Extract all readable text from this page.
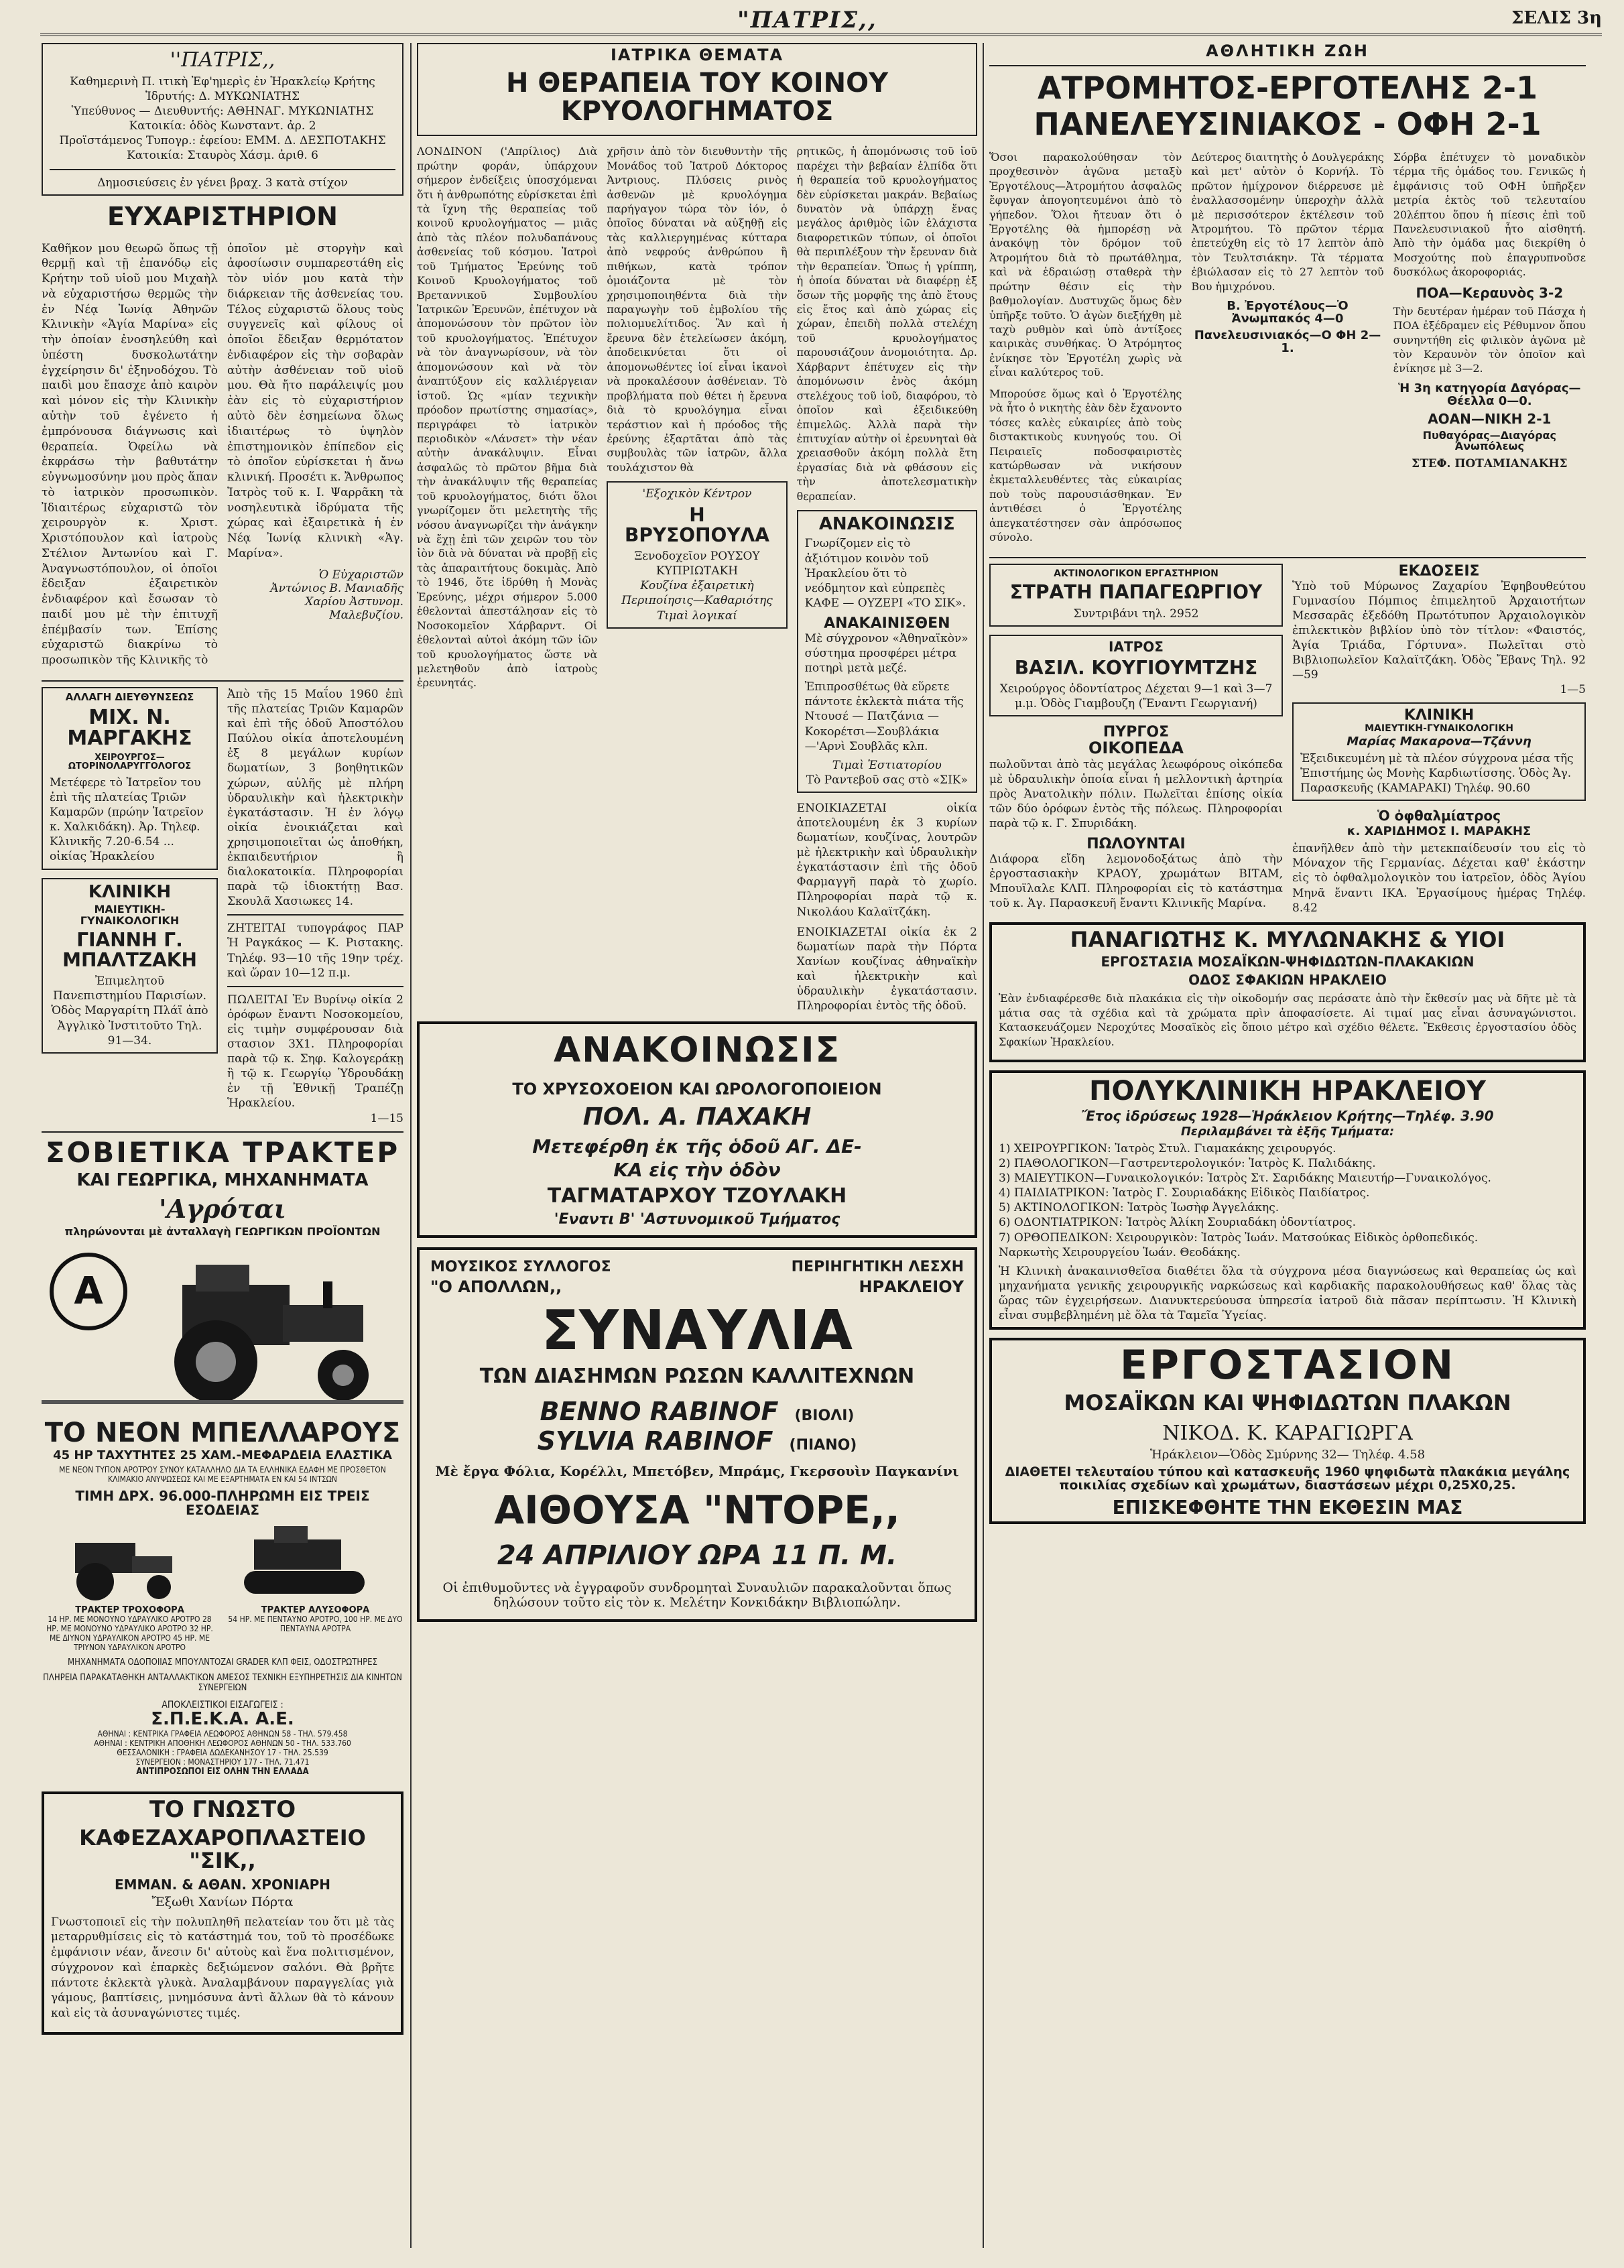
"ΠΑΤΡΙΣ,,	ΣΕΛΙΣ 3η
''ΠΑΤΡΙΣ,,
Καθημερινὴ Π. ιτικὴ Ἐφ'ημερὶς ἐν Ἡρακλείῳ Κρήτης
Ἱδρυτής: Δ. ΜΥΚΩΝΙΑΤΗΣ
Ὑπεύθυνος — Διευθυντής: ΑΘΗΝΑΓ. ΜΥΚΩΝΙΑΤΗΣ
Κατοικία: ὁδὸς Κωνσταντ. ἀρ. 2
Προϊστάμενος Τυπογρ.: ἐφείου: ΕΜΜ. Δ. ΔΕΣΠΟΤΑΚΗΣ
Κατοικία: Σταυρὸς Χάσμ. ἀριθ. 6
Δημοσιεύσεις ἐν γένει βραχ. 3 κατὰ στίχον
ΕΥΧΑΡΙΣΤΗΡΙΟΝ

Καθῆκον μου θεωρῶ ὅπως τῇ θερμῇ καὶ τῇ ἐπανόδῳ εἰς Κρήτην τοῦ υἱοῦ μου Μιχαὴλ νὰ εὐχαριστήσω θερμῶς τὴν ἐν Νέᾳ Ἰωνίᾳ Ἀθηνῶν Κλινικὴν «Ἁγία Μαρίνα» εἰς τὴν ὁποίαν ἐνοσηλεύθη καὶ ὑπέστη δυσκολωτάτην ἐγχείρησιν δι' ἐξηνοδόχου. Τὸ παιδὶ μου ἔπασχε ἀπὸ καιρὸν καὶ μόνον εἰς τὴν Κλινικὴν αὐτὴν τοῦ ἐγένετο ἡ ἐμπρόνουσα διάγνωσις καὶ θεραπεία. Ὀφείλω νὰ ἐκφράσω τὴν βαθυτάτην εὐγνωμοσύνην μου πρὸς ἅπαν τὸ ἰατρικὸν προσωπικὸν. Ἰδιαιτέρως εὐχαριστῶ τὸν χειρουργὸν κ. Χριστ. Χριστόπουλον καὶ ἰατροὺς Στέλιον Ἀντωνίου καὶ Γ. Ἀναγνωστόπουλον, οἱ ὁποῖοι ἔδειξαν ἐξαιρετικὸν ἐνδιαφέρον καὶ ἔσωσαν τὸ παιδί μου μὲ τὴν ἐπιτυχῆ ἐπέμβασίν των. Ἐπίσης εὐχαριστῶ διακρίνω τὸ προσωπικὸν τῆς Κλινικῆς τὸ

ὁποῖον μὲ στοργὴν καὶ ἀφοσίωσιν συμπαρεστάθη εἰς τὸν υἱόν μου κατὰ τὴν διάρκειαν τῆς ἀσθενείας του. Τέλος εὐχαριστῶ ὅλους τοὺς συγγενεῖς καὶ φίλους οἱ ὁποῖοι ἔδειξαν θερμότατον ἐνδιαφέρον εἰς τὴν σοβαρὰν αὐτὴν ἀσθένειαν τοῦ υἱοῦ μου. Θὰ ἤτο παράλειψίς μου ἐὰν εἰς τὸ εὐχαριστήριον αὐτὸ δὲν ἐσημείωνα ὅλως ἰδιαιτέρως τὸ ὑψηλὸν ἐπιστημονικὸν ἐπίπεδον εἰς τὸ ὁποῖον εὑρίσκεται ἡ ἄνω κλινική. Προσέτι κ. Ἄνθρωπος Ἰατρὸς τοῦ κ. Ι. Ψαρρᾶκη τὰ νοσηλευτικὰ ἰδρύματα τῆς χώρας καὶ ἐξαιρετικὰ ἡ ἐν Νέᾳ Ἰωνίᾳ κλινικὴ «Ἁγ. Μαρίνα».

Ὁ Εὐχαριστῶν
Ἀντώνιος Β. Μανιαδῆς Χαρίου Ἀστυνομ. Μαλεβυζίου.
ΑΛΛΑΓΗ ΔΙΕΥΘΥΝΣΕΩΣ
ΜΙΧ. Ν. ΜΑΡΓΑΚΗΣ
ΧΕΙΡΟΥΡΓΟΣ—ΩΤΟΡΙΝΟΛΑΡΥΓΓΟΛΟΓΟΣ

Μετέφερε τὸ Ἰατρεῖον του ἐπὶ τῆς πλατείας Τριῶν Καμαρῶν (πρώην Ἰατρεῖον κ. Χαλκιδάκη). Ἀρ. Τηλεφ. Κλινικῆς 7.20-6.54 ... οἰκίας Ἡρακλείου

ΚΛΙΝΙΚΗ
ΜΑΙΕΥΤΙΚΗ-ΓΥΝΑΙΚΟΛΟΓΙΚΗ
ΓΙΑΝΝΗ Γ. ΜΠΑΛΤΖΑΚΗ

Ἐπιμελητοῦ Πανεπιστημίου Παρισίων. Ὁδὸς Μαργαρίτη Πλάϊ ἀπὸ Ἀγγλικὸ Ἰνστιτοῦτο Τηλ. 91—34.

Ἀπὸ τῆς 15 Μαΐου 1960 ἐπὶ τῆς πλατείας Τριῶν Καμαρῶν καὶ ἐπὶ τῆς ὁδοῦ Ἀποστόλου Παύλου οἰκία ἀποτελουμένη ἐξ 8 μεγάλων κυρίων δωματίων, 3 βοηθητικῶν χώρων, αὐλῆς μὲ πλήρη ὑδραυλικὴν καὶ ἠλεκτρικὴν ἐγκατάστασιν. Ἡ ἐν λόγῳ οἰκία ἐνοικιάζεται καὶ χρησιμοποιεῖται ὡς ἀποθήκη, ἐκπαιδευτήριον ἢ διαλοκατοικία. Πληροφορίαι παρὰ τῷ ἰδιοκτήτῃ Βασ. Σκουλᾶ Χασιωκες 14.

ΖΗΤΕΙΤΑΙ τυπογράφος ΠΑΡ Ἡ Ραγκάκος — Κ. Ριστακης. Τηλέφ. 93—10 τῆς 19ην τρέχ. καὶ ὥραν 10—12 π.μ.

ΠΩΛΕΙΤΑΙ Ἐν Βυρίνῳ οἰκία 2 ὀρόφων ἔναντι Νοσοκομείου, εἰς τιμὴν συμφέρουσαν διὰ στασιον 3Χ1. Πληροφορίαι παρὰ τῷ κ. Σηφ. Καλογεράκῃ ἢ τῷ κ. Γεωργίῳ Ὑδρουδάκῃ ἐν τῇ Ἐθνικῇ Τραπέζῃ Ἡρακλείου.

1—15
ΣΟΒΙΕΤΙΚΑ ΤΡΑΚΤΕΡ
ΚΑΙ ΓΕΩΡΓΙΚΑ, ΜΗΧΑΝΗΜΑΤΑ
'Αγρόται
πληρώνονται μὲ ἀνταλλαγὴ ΓΕΩΡΓΙΚΩΝ ΠΡΟΪΟΝΤΩΝ
A
ΤΟ ΝΕΟΝ ΜΠΕΛΛΑΡΟΥΣ
45 ΗΡ ΤΑΧΥΤΗΤΕΣ 25 ΧΑΜ.-ΜΕΦΑΡΔΕΙΑ ΕΛΑΣΤΙΚΑ
ΜΕ ΝΕΟΝ ΤΥΠΟΝ ΑΡΟΤΡΟΥ ΣΥΝΟΥ ΚΑΤΑΛΛΗΛΟ ΔΙΑ ΤΑ ΕΛΛΗΝΙΚΑ ΕΔΑΦΗ ΜΕ ΠΡΟΣΘΕΤΟΝ ΚΛΙΜΑΚΙΟ ΑΝΥΨΩΣΕΩΣ ΚΑΙ ΜΕ ΕΞΑΡΤΗΜΑΤΑ ΕΝ ΚΑΙ 54 ΙΝΤΣΩΝ
ΤΙΜΗ ΔΡΧ. 96.000-ΠΛΗΡΩΜΗ ΕΙΣ ΤΡΕΙΣ ΕΣΟΔΕΙΑΣ
ΤΡΑΚΤΕΡ ΤΡΟΧΟΦΟΡΑ

14 ΗΡ. ΜΕ ΜΟΝΟΥΝΟ ΥΔΡΑΥΛΙΚΟ ΑΡΟΤΡΟ 28 ΗΡ. ΜΕ ΜΟΝΟΥΝΟ ΥΔΡΑΥΛΙΚΟ ΑΡΟΤΡΟ 32 ΗΡ. ΜΕ ΔΙΥΝΟΝ ΥΔΡΑΥΛΙΚΟΝ ΑΡΟΤΡΟ 45 ΗΡ. ΜΕ ΤΡΙΥΝΟΝ ΥΔΡΑΥΛΙΚΟΝ ΑΡΟΤΡΟ

ΤΡΑΚΤΕΡ ΑΛΥΣΟΦΟΡΑ

54 ΗΡ. ΜΕ ΠΕΝΤΑΥΝΟ ΑΡΟΤΡΟ, 100 ΗΡ. ΜΕ ΔΥΟ ΠΕΝΤΑΥΝΑ ΑΡΟΤΡΑ

ΜΗΧΑΝΗΜΑΤΑ ΟΔΟΠΟΙΙΑΣ ΜΠΟΥΛΝΤΟΖΑΙ GRADER ΚΛΠ ΦΕΙΣ, ΟΔΟΣΤΡΩΤΗΡΕΣ

ΠΛΗΡΕΙΑ ΠΑΡΑΚΑΤΑΘΗΚΗ ΑΝΤΑΛΛΑΚΤΙΚΩΝ ΑΜΕΣΟΣ ΤΕΧΝΙΚΗ ΕΞΥΠΗΡΕΤΗΣΙΣ ΔΙΑ ΚΙΝΗΤΩΝ ΣΥΝΕΡΓΕΙΩΝ

ΑΠΟΚΛΕΙΣΤΙΚΟΙ ΕΙΣΑΓΩΓΕΙΣ :
Σ.Π.Ε.Κ.Α. Α.Ε.
ΑΘΗΝΑΙ : ΚΕΝΤΡΙΚΑ ΓΡΑΦΕΙΑ ΛΕΩΦΟΡΟΣ ΑΘΗΝΩΝ 58 - ΤΗΛ. 579.458
ΑΘΗΝΑΙ : ΚΕΝΤΡΙΚΗ ΑΠΟΘΗΚΗ ΛΕΩΦΟΡΟΣ ΑΘΗΝΩΝ 50 - ΤΗΛ. 533.760
ΘΕΣΣΑΛΟΝΙΚΗ : ΓΡΑΦΕΙΑ ΔΩΔΕΚΑΝΗΣΟΥ 17 - ΤΗΛ. 25.539
ΣΥΝΕΡΓΕΙΟΝ : ΜΟΝΑΣΤΗΡΙΟΥ 177 - ΤΗΛ. 71.471
ΑΝΤΙΠΡΟΣΩΠΟΙ ΕΙΣ ΟΛΗΝ ΤΗΝ ΕΛΛΑΔΑ
ΤΟ ΓΝΩΣΤΟ
ΚΑΦΕΖΑΧΑΡΟΠΛΑΣΤΕΙΟ "ΣΙΚ,,
ΕΜΜΑΝ. & ΑΘΑΝ. ΧΡΟΝΙΑΡΗ
Ἔξωθι Χανίων Πόρτα

Γνωστοποιεῖ εἰς τὴν πολυπληθῆ πελατείαν του ὅτι μὲ τὰς μεταρρυθμίσεις εἰς τὸ κατάστημά του, τοῦ τὸ προσέδωκε ἐμφάνισιν νέαν, ἄνεσιν δι' αὐτοὺς καὶ ἕνα πολιτισμένον, σύγχρονον καὶ ἐπαρκὲς δεξιώμενον σαλόνι. Θὰ βρῆτε πάντοτε ἐκλεκτὰ γλυκὰ. Ἀναλαμβάνουν παραγγελίας γιὰ γάμους, βαπτίσεις, μνημόσυνα ἀντὶ ἄλλων θὰ τὸ κάνουν καὶ εἰς τὰ ἀσυναγώνιστες τιμές.

ΙΑΤΡΙΚΑ ΘΕΜΑΤΑ
Η ΘΕΡΑΠΕΙΑ ΤΟΥ ΚΟΙΝΟΥ ΚΡΥΟΛΟΓΗΜΑΤΟΣ

ΛΟΝΔΙΝΟΝ ('Απρίλιος) Διὰ πρώτην φοράν, ὑπάρχουν σήμερον ἐνδείξεις ὑποσχόμεναι ὅτι ἡ ἀνθρωπότης εὑρίσκεται ἐπὶ τὰ ἴχνη τῆς θεραπείας τοῦ κοινοῦ κρυολογήματος — μιᾶς ἀπὸ τὰς πλέον πολυδαπάνους ἀσθενείας τοῦ κόσμου. Ἰατροὶ τοῦ Τμήματος Ἐρεύνης τοῦ Κοινοῦ Κρυολογήματος τοῦ Βρεταννικοῦ Συμβουλίου Ἰατρικῶν Ἐρευνῶν, ἐπέτυχον νὰ ἀπομονώσουν τὸν πρῶτον ἰὸν τοῦ κρυολογήματος. Ἐπέτυχον νὰ τὸν ἀναγνωρίσουν, νὰ τὸν ἀπομονώσουν καὶ νὰ τὸν ἀναπτύξουν εἰς καλλιέργειαν ἱστοῦ. Ὡς «μίαν τεχνικὴν πρόοδον πρωτίστης σημασίας», περιγράφει τὸ ἰατρικὸν περιοδικὸν «Λάνσετ» τὴν νέαν αὐτὴν ἀνακάλυψιν. Εἶναι ἀσφαλῶς τὸ πρῶτον βῆμα διὰ τὴν ἀνακάλυψιν τῆς θεραπείας τοῦ κρυολογήματος, διότι ὅλοι γνωρίζομεν ὅτι μελετητὴς τῆς νόσου ἀναγνωρίζει τὴν ἀνάγκην νὰ ἔχῃ ἐπὶ τῶν χειρῶν του τὸν ἰὸν διὰ νὰ δύναται νὰ προβῇ εἰς τὰς ἀπαραιτήτους δοκιμὰς. Ἀπὸ τὸ 1946, ὅτε ἱδρύθη ἡ Μονὰς Ἐρεύνης, μέχρι σήμερον 5.000 ἐθελονταὶ ἀπεστάλησαν εἰς τὸ Νοσοκομεῖον Χάρβαρντ. Οἱ ἐθελονταὶ αὐτοὶ ἀκόμη τῶν ἰῶν τοῦ κρυολογήματος ὥστε νὰ μελετηθοῦν ἀπὸ ἰατροὺς ἐρευνητάς.

χρῆσιν ἀπὸ τὸν διευθυντὴν τῆς Μονάδος τοῦ Ἰατροῦ Δόκτορος Ἀντριους. Πλύσεις ρινὸς ἀσθενῶν μὲ κρυολόγημα παρήγαγον τώρα τὸν ἰόν, ὁ ὁποῖος δύναται νὰ αὐξηθῇ εἰς τὰς καλλιεργημένας κύτταρα ἀπὸ νεφρούς ἀνθρώπου ἢ πιθήκων, κατὰ τρόπον ὁμοιάζοντα μὲ τὸν χρησιμοποιηθέντα διὰ τὴν παραγωγὴν τοῦ ἐμβολίου τῆς πολιομυελίτιδος. Ἂν καὶ ἡ ἔρευνα δὲν ἐτελείωσεν ἀκόμη, ἀποδεικνύεται ὅτι οἱ ἀπομονωθέντες ἰοί εἶναι ἱκανοὶ νὰ προκαλέσουν ἀσθένειαν. Τὸ προβλήματα ποὺ θέτει ἡ ἔρευνα διὰ τὸ κρυολόγημα εἶναι τεράστιον καὶ ἡ πρόοδος τῆς ἐρεύνης ἐξαρτᾶται ἀπὸ τὰς συμβουλὰς τῶν ἰατρῶν, ἄλλα τουλάχιστον θὰ

'Εξοχικὸν Κέντρον
Η ΒΡΥΣΟΠΟΥΛΑ
Ξενοδοχεῖον ΡΟΥΣΟΥ ΚΥΠΡΙΩΤΑΚΗ
Κουζίνα ἐξαιρετικὴ Περιποίησις—Καθαριότης Τιμαὶ λογικαί

ρητικῶς, ἡ ἀπομόνωσις τοῦ ἰοῦ παρέχει τὴν βεβαίαν ἐλπίδα ὅτι ἡ θεραπεία τοῦ κρυολογήματος δὲν εὑρίσκεται μακράν. Βεβαίως δυνατὸν νὰ ὑπάρχῃ ἕνας μεγάλος ἀριθμὸς ἰῶν ἐλάχιστα διαφορετικῶν τύπων, οἱ ὁποῖοι θὰ περιπλέξουν τὴν ἔρευναν διὰ τὴν θεραπείαν. Ὅπως ἡ γρίππη, ἡ ὁποία δύναται νὰ διαφέρῃ ἐξ ὅσων τῆς μορφῆς της ἀπὸ ἔτους εἰς ἔτος καὶ ἀπὸ χώρας εἰς χώραν, ἐπειδὴ πολλὰ στελέχη τοῦ κρυολογήματος παρουσιάζουν ἀνομοιότητα. Δρ. Χάρβαρντ ἐπέτυχεν εἰς τὴν ἀπομόνωσιν ἑνὸς ἀκόμη στελέχους τοῦ ἰοῦ, διαφόρου, τὸ ὁποῖον καὶ ἐξειδικεύθη ἐπιμελῶς. Ἀλλὰ παρὰ τὴν ἐπιτυχίαν αὐτὴν οἱ ἐρευνηταὶ θὰ χρειασθοῦν ἀκόμη πολλὰ ἔτη ἐργασίας διὰ νὰ φθάσουν εἰς τὴν ἀποτελεσματικὴν θεραπείαν.

ΑΝΑΚΟΙΝΩΣΙΣ

Γνωρίζομεν εἰς τὸ ἀξιότιμον κοινὸν τοῦ Ἡρακλείου ὅτι τὸ νεόδμητον καὶ εὐπρεπὲς ΚΑΦΕ — ΟΥΖΕΡΙ «ΤΟ ΣΙΚ».

ΑΝΑΚΑΙΝΙΣΘΕΝ

Μὲ σύγχρονον «Ἀθηναϊκὸν» σύστημα προσφέρει μέτρα ποτηρὶ μετὰ μεζέ.

Ἐπιπροσθέτως θὰ εὕρετε πάντοτε ἐκλεκτὰ πιάτα τῆς Ντουσέ — Πατζάνια — Κοκορέτσι—Σουβλάκια—'Αρνὶ Σουβλᾶς κλπ.

Τιμαὶ Ἐστιατορίου
Τὸ Ραντεβοῦ σας στὸ «ΣΙΚ»

ΕΝΟΙΚΙΑΖΕΤΑΙ οἰκία ἀποτελουμένη ἐκ 3 κυρίων δωματίων, κουζίνας, λουτρῶν μὲ ἠλεκτρικὴν καὶ ὑδραυλικὴν ἐγκατάστασιν ἐπὶ τῆς ὁδοῦ Φαρμαγγῆ παρὰ τὸ χωρίο. Πληροφορίαι παρὰ τῷ κ. Νικολάου Καλαϊτζάκη.

ΕΝΟΙΚΙΑΖΕΤΑΙ οἰκία ἐκ 2 δωματίων παρὰ τὴν Πόρτα Χανίων κουζίνας ἀθηναϊκὴν καὶ ἠλεκτρικὴν καὶ ὑδραυλικὴν ἐγκατάστασιν. Πληροφορίαι ἐντὸς τῆς ὁδοῦ.

ΑΝΑΚΟΙΝΩΣΙΣ
ΤΟ ΧΡΥΣΟΧΟΕΙΟΝ ΚΑΙ ΩΡΟΛΟΓΟΠΟΙΕΙΟΝ
ΠΟΛ. Α. ΠΑΧΑΚΗ
Μετεφέρθη ἐκ τῆς ὁδοῦ ΑΓ. ΔΕ-
ΚΑ εἰς τὴν ὁδὸν
ΤΑΓΜΑΤΑΡΧΟΥ ΤΖΟΥΛΑΚΗ
'Εναντι Β' 'Αστυνομικοῦ Τμήματος
ΜΟΥΣΙΚΟΣ ΣΥΛΛΟΓΟΣ	ΠΕΡΙΗΓΗΤΙΚΗ ΛΕΣΧΗ
"Ο ΑΠΟΛΛΩΝ,,	ΗΡΑΚΛΕΙΟΥ
ΣΥΝΑΥΛΙΑ
ΤΩΝ ΔΙΑΣΗΜΩΝ ΡΩΣΩΝ ΚΑΛΛΙΤΕΧΝΩΝ
BENNO RABINOF (ΒΙΟΛΙ)
SYLVIA RABINOF (ΠΙΑΝΟ)
Μὲ ἔργα Φόλια, Κορέλλι, Μπετόβεν, Μπράμς, Γκερσουὶν Παγκανίνι
ΑΙΘΟΥΣΑ "ΝΤΟΡΕ,,
24 ΑΠΡΙΛΙΟΥ ΩΡΑ 11 Π. Μ.

Οἱ ἐπιθυμοῦντες νὰ ἐγγραφοῦν συνδρομηταὶ Συναυλιῶν παρακαλοῦνται ὅπως δηλώσουν τοῦτο εἰς τὸν κ. Μελέτην Κονκιδάκην Βιβλιοπώλην.

ΑΘΛΗΤΙΚΗ ΖΩΗ
ΑΤΡΟΜΗΤΟΣ-ΕΡΓΟΤΕΛΗΣ 2-1
ΠΑΝΕΛΕΥΣΙΝΙΑΚΟΣ - ΟΦΗ 2-1

Ὅσοι παρακολούθησαν τὸν προχθεσινὸν ἀγῶνα μεταξὺ Ἐργοτέλους—Ἀτρομήτου ἀσφαλῶς ἔφυγαν ἀπογοητευμένοι ἀπὸ τὸ γήπεδον. Ὅλοι ἤτευαν ὅτι ὁ Ἐργοτέλης θὰ ἠμπορέσῃ νὰ ἀνακόψῃ τὸν δρόμον τοῦ Ἀτρομήτου διὰ τὸ πρωτάθλημα, καὶ νὰ ἐδραιώσῃ σταθερὰ τὴν πρώτην θέσιν εἰς τὴν βαθμολογίαν. Δυστυχῶς ὅμως δὲν ὑπῆρξε τοῦτο. Ὁ ἀγὼν διεξήχθη μὲ ταχὺ ρυθμὸν καὶ ὑπὸ ἀντίξοες καιρικὰς συνθήκας. Ὁ Ἀτρόμητος ἐνίκησε τὸν Ἐργοτέλη χωρὶς νὰ εἶναι καλύτερος τοῦ.

Μπορούσε ὅμως καὶ ὁ Ἐργοτέλης νὰ ἦτο ὁ νικητὴς ἐὰν δὲν ἔχανοντο τόσες καλὲς εὐκαιρίες ἀπὸ τοὺς διστακτικοὺς κυνηγούς του. Οἱ Πειραιεῖς ποδοσφαιριστὲς κατώρθωσαν νὰ νικήσουν ἐκμεταλλευθέντες τὰς εὐκαιρίας ποὺ τοὺς παρουσιάσθηκαν. Ἐν ἀντιθέσει ὁ Ἐργοτέλης ἀπεγκατέστησεν σὰν ἀπρόσωπος σύνολο.

Δεύτερος διαιτητὴς ὁ Δουλγεράκης καὶ μετ' αὐτὸν ὁ Κορνήλ. Τὸ πρῶτον ἡμίχρονον διέρρευσε μὲ ἐναλλασσομένην ὑπεροχὴν ἀλλὰ μὲ περισσότερον ἐκτέλεσιν τοῦ Ἀτρομήτου. Τὸ πρῶτον τέρμα ἐπετεύχθη εἰς τὸ 17 λεπτὸν ἀπὸ τὸν Τευλτσιάκην. Τὰ τέρματα ἐβιώλασαν εἰς τὸ 27 λεπτὸν τοῦ Βου ἡμιχρόνου.

Β. Ἐργοτέλους—Ὁ Ἀνωμπακός 4—0
Πανελευσινιακός—Ο ΦΗ 2—1.

Σόρβα ἐπέτυχεν τὸ μοναδικὸν τέρμα τῆς ὁμάδος του. Γενικῶς ἡ ἐμφάνισις τοῦ ΟΦΗ ὑπῆρξεν μετρία ἐκτὸς τοῦ τελευταίου 20λέπτου ὅπου ἡ πίεσις ἐπὶ τοῦ Πανελευσινιακοῦ ἦτο αἰσθητή. Ἀπὸ τὴν ὁμάδα μας διεκρίθη ὁ Μοσχούτης ποὺ ἐπαγρυπνοῦσε δυσκόλως ἀκοροφοριάς.

ΠΟΑ—Κεραυνὸς 3-2

Τὴν δευτέραν ἡμέραν τοῦ Πάσχα ἡ ΠΟΑ ἐξέδραμεν εἰς Ρέθυμνον ὅπου συνηντήθη εἰς φιλικὸν ἀγῶνα μὲ τὸν Κεραυνὸν τὸν ὁποῖον καὶ ἐνίκησε μὲ 3—2.

Ἡ 3η κατηγορία Δαγόρας—Θέελλα 0—0.
ΑΟΑΝ—ΝΙΚΗ 2-1
Πυθαγόρας—Διαγόρας Ἀνωπόλεως
ΣΤΕΦ. ΠΟΤΑΜΙΑΝΑΚΗΣ
ΑΚΤΙΝΟΛΟΓΙΚΟΝ ΕΡΓΑΣΤΗΡΙΟΝ
ΣΤΡΑΤΗ ΠΑΠΑΓΕΩΡΓΙΟΥ
Συντριβάνι τηλ. 2952
ΙΑΤΡΟΣ
ΒΑΣΙΛ. ΚΟΥΓΙΟΥΜΤΖΗΣ

Χειρούργος ὀδοντίατρος Δέχεται 9—1 καὶ 3—7 μ.μ. Ὁδὸς Γιαμβουζη (Ἔναντι Γεωργιανή)

ΠΥΡΓΟΣ
ΟΙΚΟΠΕΔΑ

πωλοῦνται ἀπὸ τὰς μεγάλας λεωφόρους οἰκόπεδα μὲ ὑδραυλικὴν ὁποία εἶναι ἡ μελλοντικὴ ἀρτηρία πρὸς Ἀνατολικὴν πόλιν. Πωλεῖται ἐπίσης οἰκία τῶν δύο ὀρόφων ἐντὸς τῆς πόλεως. Πληροφορίαι παρὰ τῷ κ. Γ. Σπυριδάκη.

ΠΩΛΟΥΝΤΑΙ

Διάφορα εἴδη λεμονοδοξάτως ἀπὸ τὴν ἐργοστασιακὴν ΚΡΑΟΥ, χρωμάτων ΒΙΤΑΜ, Μπουϊλαλε ΚΛΠ. Πληροφορίαι εἰς τὸ κατάστημα τοῦ κ. Ἀγ. Παρασκευῆ ἔναντι Κλινικῆς Μαρίνα.

ΕΚΔΟΣΕΙΣ

Ὑπὸ τοῦ Μύρωνος Ζαχαρίου Ἐφηβουθεύτου Γυμνασίου Πόμπιος ἐπιμελητοῦ Ἀρχαιοτήτων Μεσσαρᾶς ἐξεδόθη Πρωτότυπον Ἀρχαιολογικὸν ἐπιλεκτικὸν βιβλίον ὑπὸ τὸν τίτλον: «Φαιστός, Ἁγία Τριάδα, Γόρτυνα». Πωλεῖται στὸ Βιβλιοπωλεῖον Καλαϊτζάκη. Ὁδὸς Ἔβανς Τηλ. 92—59

1—5
ΚΛΙΝΙΚΗ
ΜΑΙΕΥΤΙΚΗ-ΓΥΝΑΙΚΟΛΟΓΙΚΗ
Μαρίας Μακαρονα—Τζάννη

Ἐξειδικευμένη μὲ τὰ πλέον σύγχρονα μέσα τῆς Ἐπιστήμης ὡς Μονὴς Καρδιωτίσσης. Ὁδὸς Ἀγ. Παρασκευῆς (ΚΑΜΑΡΑΚΙ) Τηλέφ. 90.60

Ὁ ὀφθαλμίατρος
κ. ΧΑΡΙΔΗΜΟΣ Ι. ΜΑΡΑΚΗΣ

ἐπανῆλθεν ἀπὸ τὴν μετεκπαίδευσίν του εἰς τὸ Μόναχον τῆς Γερμανίας. Δέχεται καθ' ἑκάστην εἰς τὸ ὀφθαλμολογικὸν του ἰατρεῖον, ὁδὸς Ἁγίου Μηνᾶ ἔναντι ΙΚΑ. Ἐργασίμους ἡμέρας Τηλέφ. 8.42

ΠΑΝΑΓΙΩΤΗΣ Κ. ΜΥΛΩΝΑΚΗΣ & ΥΙΟΙ
ΕΡΓΟΣΤΑΣΙΑ ΜΟΣΑΪΚΩΝ-ΨΗΦΙΔΩΤΩΝ-ΠΛΑΚΑΚΙΩΝ
ΟΔΟΣ ΣΦΑΚΙΩΝ ΗΡΑΚΛΕΙΟ

Ἐὰν ἐνδιαφέρεσθε διὰ πλακάκια εἰς τὴν οἰκοδομήν σας περάσατε ἀπὸ τὴν ἔκθεσίν μας νὰ δῆτε μὲ τὰ μάτια σας τὰ σχέδια καὶ τὰ χρώματα πρὶν ἀποφασίσετε. Αἱ τιμαί μας εἶναι ἀσυναγώνιστοι. Κατασκευάζομεν Νεροχύτες Μοσαϊκὸς εἰς ὅποιο μέτρο καὶ σχέδιο θέλετε. Ἔκθεσις ἐργοστασίου ὁδὸς Σφακίων Ἡρακλείου.

ΠΟΛΥΚΛΙΝΙΚΗ ΗΡΑΚΛΕΙΟΥ
Ἔτος ἱδρύσεως 1928—Ἡράκλειον Κρήτης—Τηλέφ. 3.90
Περιλαμβάνει τὰ ἑξῆς Τμήματα:
1) ΧΕΙΡΟΥΡΓΙΚΟΝ: Ἰατρὸς Στυλ. Γιαμακάκης χειρουργός.
2) ΠΑΘΟΛΟΓΙΚΟΝ—Γαστρεντερολογικόν: Ἰατρὸς Κ. Παλιδάκης.
3) ΜΑΙΕΥΤΙΚΟΝ—Γυναικολογικόν: Ἰατρὸς Στ. Σαριδάκης Μαιευτήρ—Γυναικολόγος.
4) ΠΑΙΔΙΑΤΡΙΚΟΝ: Ἰατρὸς Γ. Σουριαδάκης Εἰδικὸς Παιδίατρος.
5) ΑΚΤΙΝΟΛΟΓΙΚΟΝ: Ἰατρὸς Ἰωσὴφ Ἀγγελάκης.
6) ΟΔΟΝΤΙΑΤΡΙΚΟΝ: Ἰατρὸς Ἀλίκη Σουριαδάκη ὀδοντίατρος.
7) ΟΡΘΟΠΕΔΙΚΟΝ: Χειρουργικὸν: Ἰατρὸς Ἰωάν. Ματσούκας Εἰδικὸς ὀρθοπεδικός.
Ναρκωτὴς Χειρουργείου Ἰωάν. Θεοδάκης.

Ἡ Κλινικὴ ἀνακαινισθεῖσα διαθέτει ὅλα τὰ σύγχρονα μέσα διαγνώσεως καὶ θεραπείας ὡς καὶ μηχανήματα γενικῆς χειρουργικῆς ναρκώσεως καὶ καρδιακῆς παρακολουθήσεως καθ' ὅλας τὰς ὥρας τῶν ἐγχειρήσεων. Διανυκτερεύουσα ὑπηρεσία ἰατροῦ διὰ πᾶσαν περίπτωσιν. Ἡ Κλινικὴ εἶναι συμβεβλημένη μὲ ὅλα τὰ Ταμεῖα Ὑγείας.

ΕΡΓΟΣΤΑΣΙΟΝ
ΜΟΣΑΪΚΩΝ ΚΑΙ ΨΗΦΙΔΩΤΩΝ ΠΛΑΚΩΝ
ΝΙΚΟΔ. Κ. ΚΑΡΑΓΙΩΡΓΑ
Ἡράκλειον—Ὁδὸς Σμύρνης 32— Τηλέφ. 4.58

ΔΙΑΘΕΤΕΙ τελευταίου τύπου καὶ κατασκευῆς 1960 ψηφιδωτὰ πλακάκια μεγάλης ποικιλίας σχεδίων καὶ χρωμάτων, διαστάσεων μέχρι 0,25Χ0,25.

ΕΠΙΣΚΕΦΘΗΤΕ ΤΗΝ ΕΚΘΕΣΙΝ ΜΑΣ
